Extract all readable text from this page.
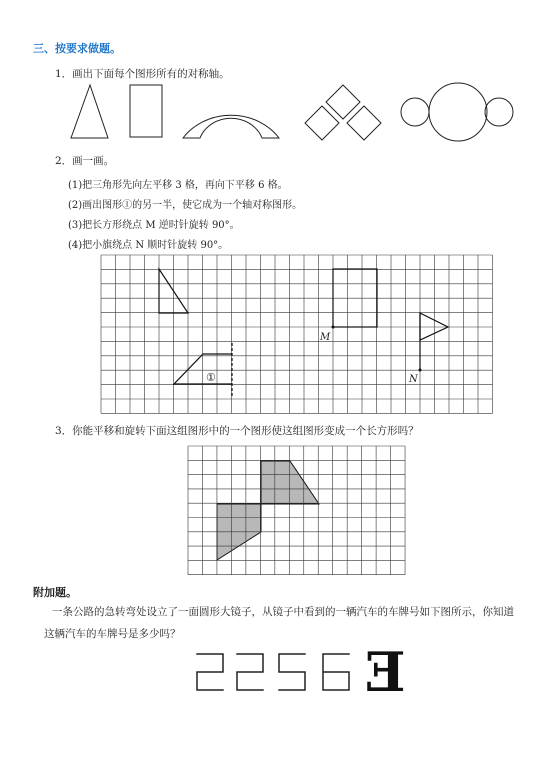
三、按要求做题。
1．画出下面每个图形所有的对称轴。
2．画一画。
(1)把三角形先向左平移 3 格，再向下平移 6 格。
(2)画出图形①的另一半，使它成为一个轴对称图形。
(3)把长方形绕点 M 逆时针旋转 90°。
(4)把小旗绕点 N 顺时针旋转 90°。
M
N
①
3．你能平移和旋转下面这组图形中的一个图形使这组图形变成一个长方形吗？
附加题。
一条公路的急转弯处设立了一面圆形大镜子，从镜子中看到的一辆汽车的车牌号如下图所示，你知道这辆汽车的车牌号是多少吗？
E
